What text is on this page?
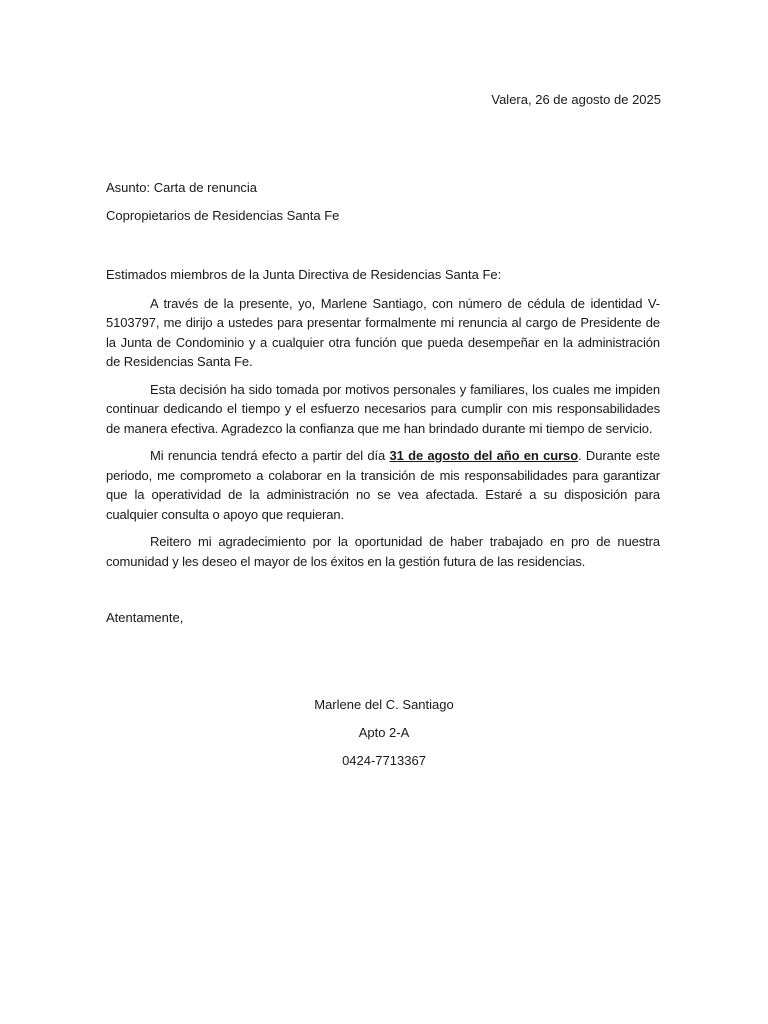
Valera, 26 de agosto de 2025
Asunto: Carta de renuncia
Copropietarios de Residencias Santa Fe

Estimados miembros de la Junta Directiva de Residencias Santa Fe:

A través de la presente, yo, Marlene Santiago, con número de cédula de identidad V-5103797, me dirijo a ustedes para presentar formalmente mi renuncia al cargo de Presidente de la Junta de Condominio y a cualquier otra función que pueda desempeñar en la administración de Residencias Santa Fe.

Esta decisión ha sido tomada por motivos personales y familiares, los cuales me impiden continuar dedicando el tiempo y el esfuerzo necesarios para cumplir con mis responsabilidades de manera efectiva. Agradezco la confianza que me han brindado durante mi tiempo de servicio.

Mi renuncia tendrá efecto a partir del día 31 de agosto del año en curso. Durante este periodo, me comprometo a colaborar en la transición de mis responsabilidades para garantizar que la operatividad de la administración no se vea afectada. Estaré a su disposición para cualquier consulta o apoyo que requieran.

Reitero mi agradecimiento por la oportunidad de haber trabajado en pro de nuestra comunidad y les deseo el mayor de los éxitos en la gestión futura de las residencias.

Atentamente,
Marlene del C. Santiago
Apto 2-A
0424-7713367
